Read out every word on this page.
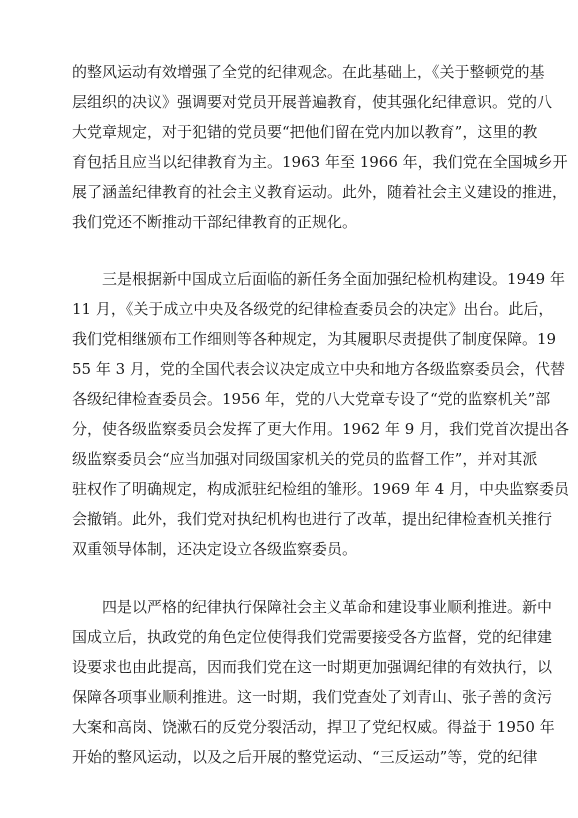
的整风运动有效增强了全党的纪律观念。在此基础上，《关于整顿党的基
层组织的决议》强调要对党员开展普遍教育，使其强化纪律意识。党的八
大党章规定，对于犯错的党员要“把他们留在党内加以教育”，这里的教
育包括且应当以纪律教育为主。1963 年至 1966 年，我们党在全国城乡开
展了涵盖纪律教育的社会主义教育运动。此外，随着社会主义建设的推进，
我们党还不断推动干部纪律教育的正规化。
三是根据新中国成立后面临的新任务全面加强纪检机构建设。1949 年
11 月，《关于成立中央及各级党的纪律检查委员会的决定》出台。此后，
我们党相继颁布工作细则等各种规定，为其履职尽责提供了制度保障。19
55 年 3 月，党的全国代表会议决定成立中央和地方各级监察委员会，代替
各级纪律检查委员会。1956 年，党的八大党章专设了“党的监察机关”部
分，使各级监察委员会发挥了更大作用。1962 年 9 月，我们党首次提出各
级监察委员会“应当加强对同级国家机关的党员的监督工作”，并对其派
驻权作了明确规定，构成派驻纪检组的雏形。1969 年 4 月，中央监察委员
会撤销。此外，我们党对执纪机构也进行了改革，提出纪律检查机关推行
双重领导体制，还决定设立各级监察委员。
四是以严格的纪律执行保障社会主义革命和建设事业顺利推进。新中
国成立后，执政党的角色定位使得我们党需要接受各方监督，党的纪律建
设要求也由此提高，因而我们党在这一时期更加强调纪律的有效执行，以
保障各项事业顺利推进。这一时期，我们党查处了刘青山、张子善的贪污
大案和高岗、饶漱石的反党分裂活动，捍卫了党纪权威。得益于 1950 年
开始的整风运动，以及之后开展的整党运动、“三反运动”等，党的纪律
